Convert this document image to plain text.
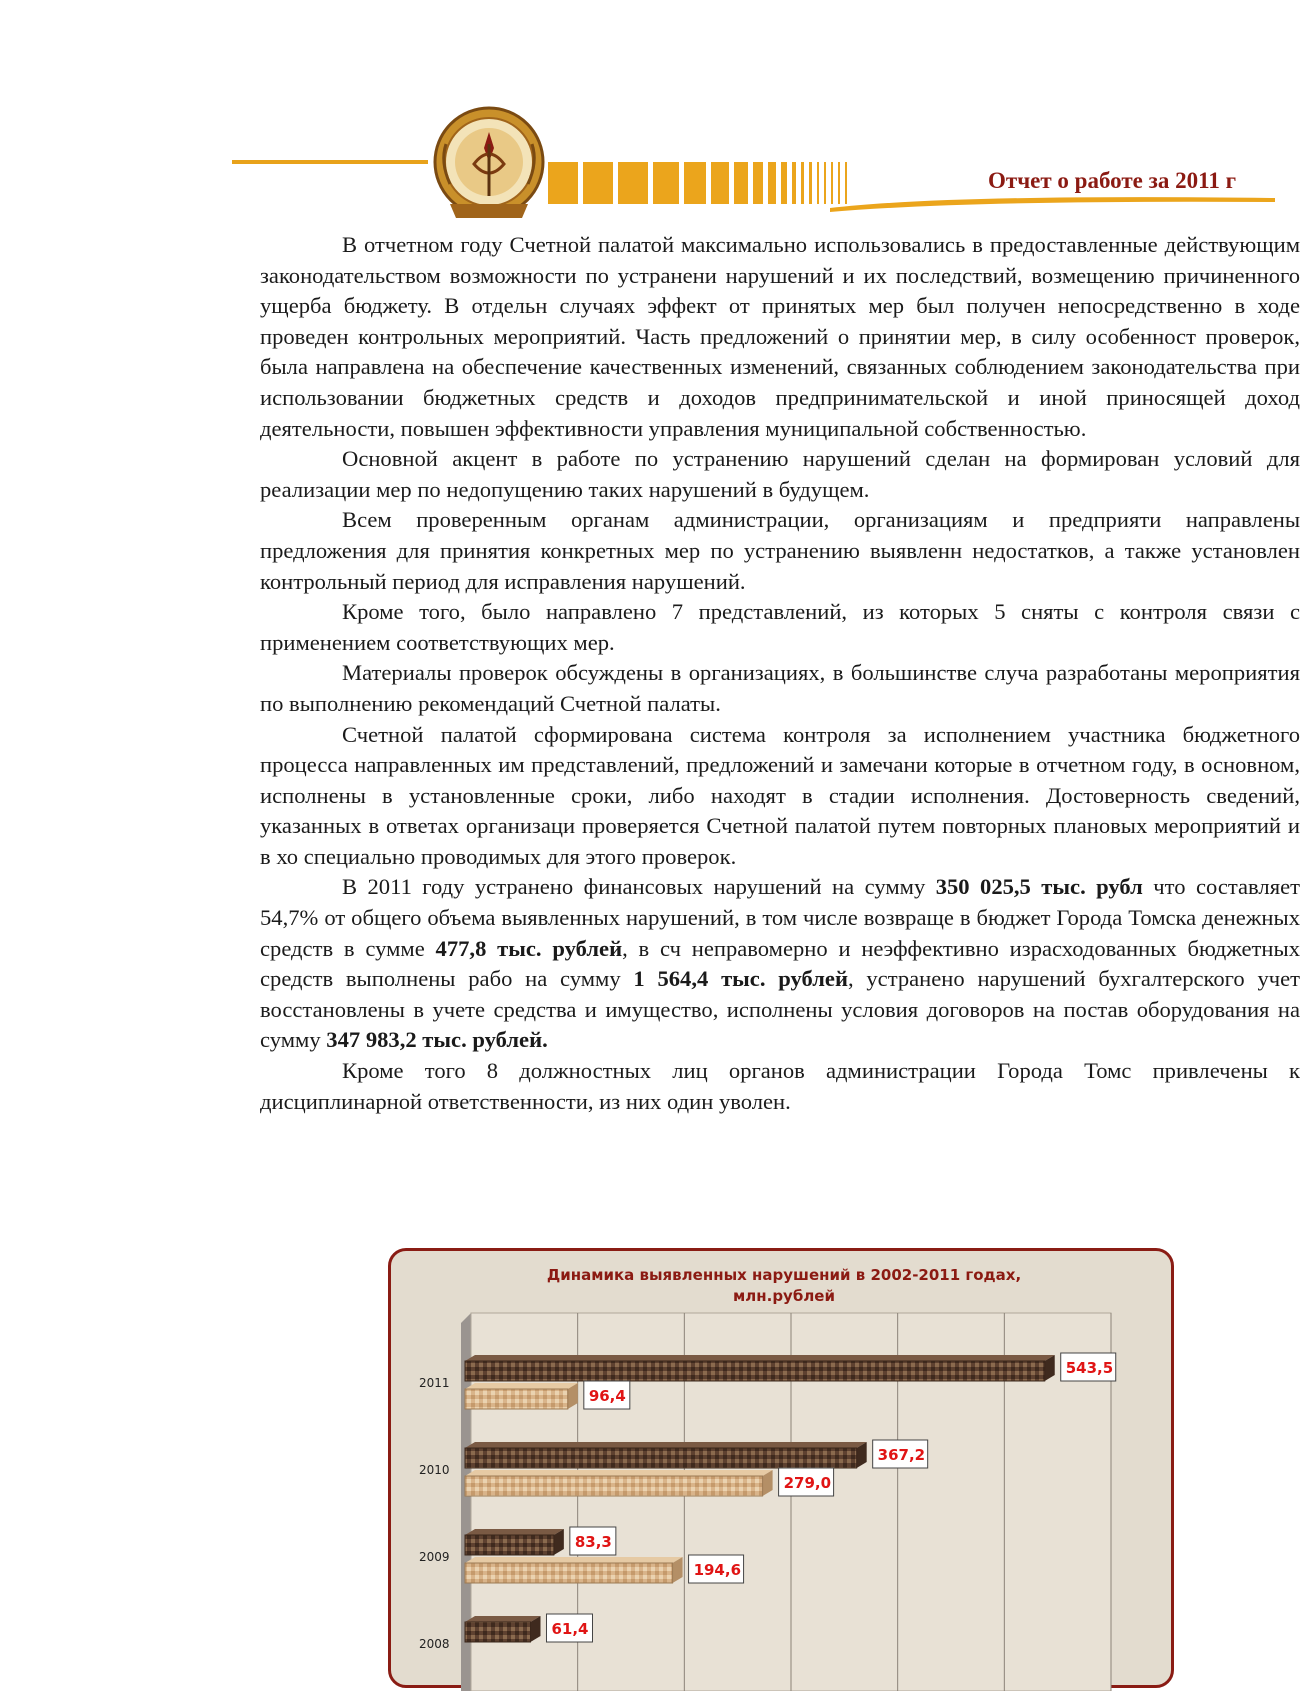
Отчет о работе за 2011 г

В отчетном году Счетной палатой максимально использовались в предоставленные действующим законодательством возможности по устранени нарушений и их последствий, возмещению причиненного ущерба бюджету. В отдельн случаях эффект от принятых мер был получен непосредственно в ходе проведен контрольных мероприятий. Часть предложений о принятии мер, в силу особенност проверок, была направлена на обеспечение качественных изменений, связанных соблюдением законодательства при использовании бюджетных средств и доходов предпринимательской и иной приносящей доход деятельности, повышен эффективности управления муниципальной собственностью.

Основной акцент в работе по устранению нарушений сделан на формирован условий для реализации мер по недопущению таких нарушений в будущем.

Всем проверенным органам администрации, организациям и предприяти направлены предложения для принятия конкретных мер по устранению выявленн недостатков, а также установлен контрольный период для исправления нарушений.

Кроме того, было направлено 7 представлений, из которых 5 сняты с контроля связи с применением соответствующих мер.

Материалы проверок обсуждены в организациях, в большинстве случа разработаны мероприятия по выполнению рекомендаций Счетной палаты.

Счетной палатой сформирована система контроля за исполнением участника бюджетного процесса направленных им представлений, предложений и замечани которые в отчетном году, в основном, исполнены в установленные сроки, либо находят в стадии исполнения. Достоверность сведений, указанных в ответах организаци проверяется Счетной палатой путем повторных плановых мероприятий и в хо специально проводимых для этого проверок.

В 2011 году устранено финансовых нарушений на сумму 350 025,5 тыс. рубл что составляет 54,7% от общего объема выявленных нарушений, в том числе возвраще в бюджет Города Томска денежных средств в сумме 477,8 тыс. рублей, в сч неправомерно и неэффективно израсходованных бюджетных средств выполнены рабо на сумму 1 564,4 тыс. рублей, устранено нарушений бухгалтерского учет восстановлены в учете средства и имущество, исполнены условия договоров на постав оборудования на сумму 347 983,2 тыс. рублей.

Кроме того 8 должностных лиц органов администрации Города Томс привлечены к дисциплинарной ответственности, из них один уволен.

Динамика выявленных нарушений в 2002-2011 годах,
млн.рублей
2011
543,5
96,4
2010
367,2
279,0
2009
83,3
194,6
2008
61,4
